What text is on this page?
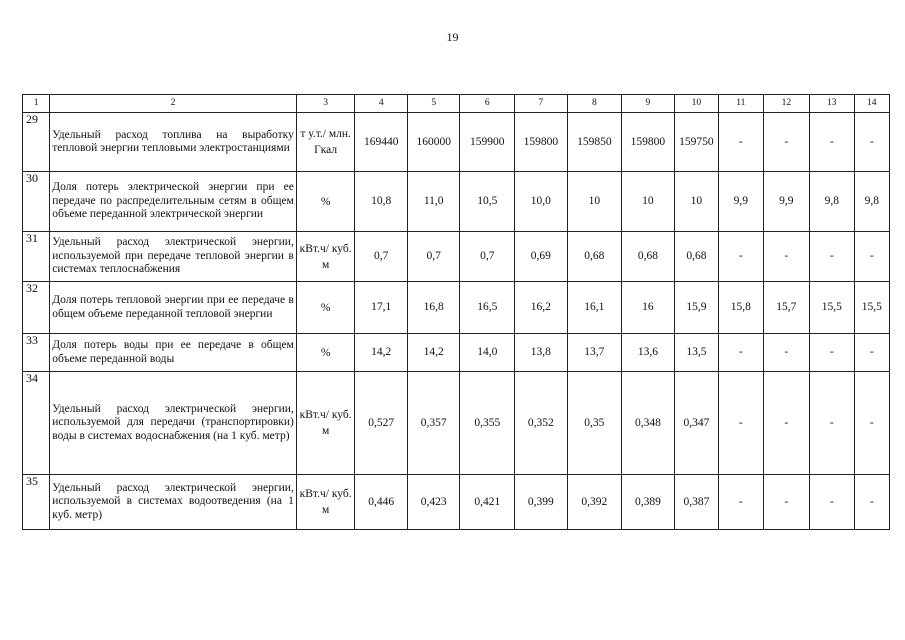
19
1	2	3	4	5	6	7	8	9	10	11	12	13	14
29	Удельный расход топлива на выработку тепловой энергии тепловыми электростанциями	т у.т./ млн. Гкал	169440	160000	159900	159800	159850	159800	159750	-	-	-	-
30	Доля потерь электрической энергии при ее передаче по распределительным сетям в общем объеме переданной электрической энергии	%	10,8	11,0	10,5	10,0	10	10	10	9,9	9,9	9,8	9,8
31	Удельный расход электрической энергии, используемой при передаче тепловой энергии в системах теплоснабжения	кВт.ч/ куб. м	0,7	0,7	0,7	0,69	0,68	0,68	0,68	-	-	-	-
32	Доля потерь тепловой энергии при ее передаче в общем объеме переданной тепловой энергии	%	17,1	16,8	16,5	16,2	16,1	16	15,9	15,8	15,7	15,5	15,5
33	Доля потерь воды при ее передаче в общем объеме переданной воды	%	14,2	14,2	14,0	13,8	13,7	13,6	13,5	-	-	-	-
34	Удельный расход электрической энергии, используемой для передачи (транспортировки) воды в системах водоснабжения (на 1 куб. метр)	кВт.ч/ куб. м	0,527	0,357	0,355	0,352	0,35	0,348	0,347	-	-	-	-
35	Удельный расход электрической энергии, используемой в системах водоотведения (на 1 куб. метр)	кВт.ч/ куб. м	0,446	0,423	0,421	0,399	0,392	0,389	0,387	-	-	-	-
